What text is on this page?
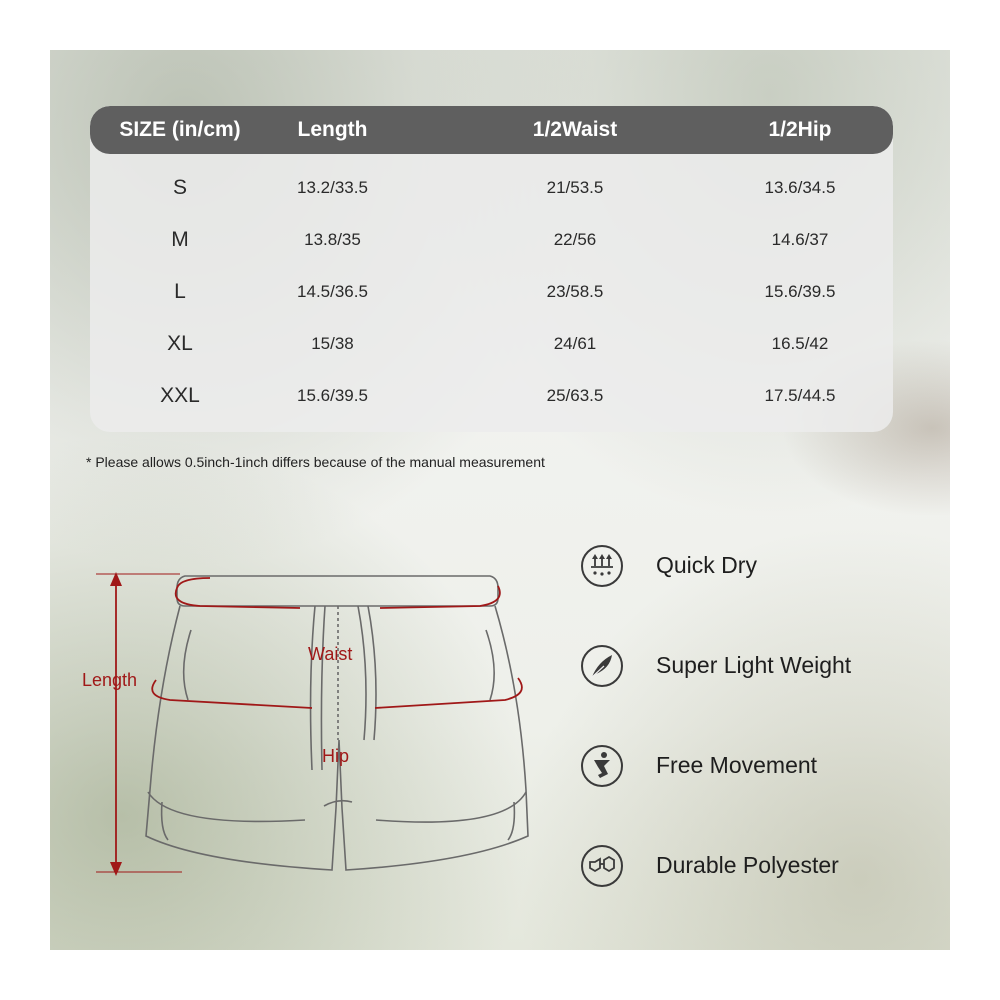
SIZE (in/cm)	Length	1/2Waist	1/2Hip
S	13.2/33.5	21/53.5	13.6/34.5
M	13.8/35	22/56	14.6/37
L	14.5/36.5	23/58.5	15.6/39.5
XL	15/38	24/61	16.5/42
XXL	15.6/39.5	25/63.5	17.5/44.5
* Please allows 0.5inch-1inch differs because of the manual measurement
Length
Waist
Hip
Quick Dry
Super Light Weight
Free Movement
Durable Polyester
